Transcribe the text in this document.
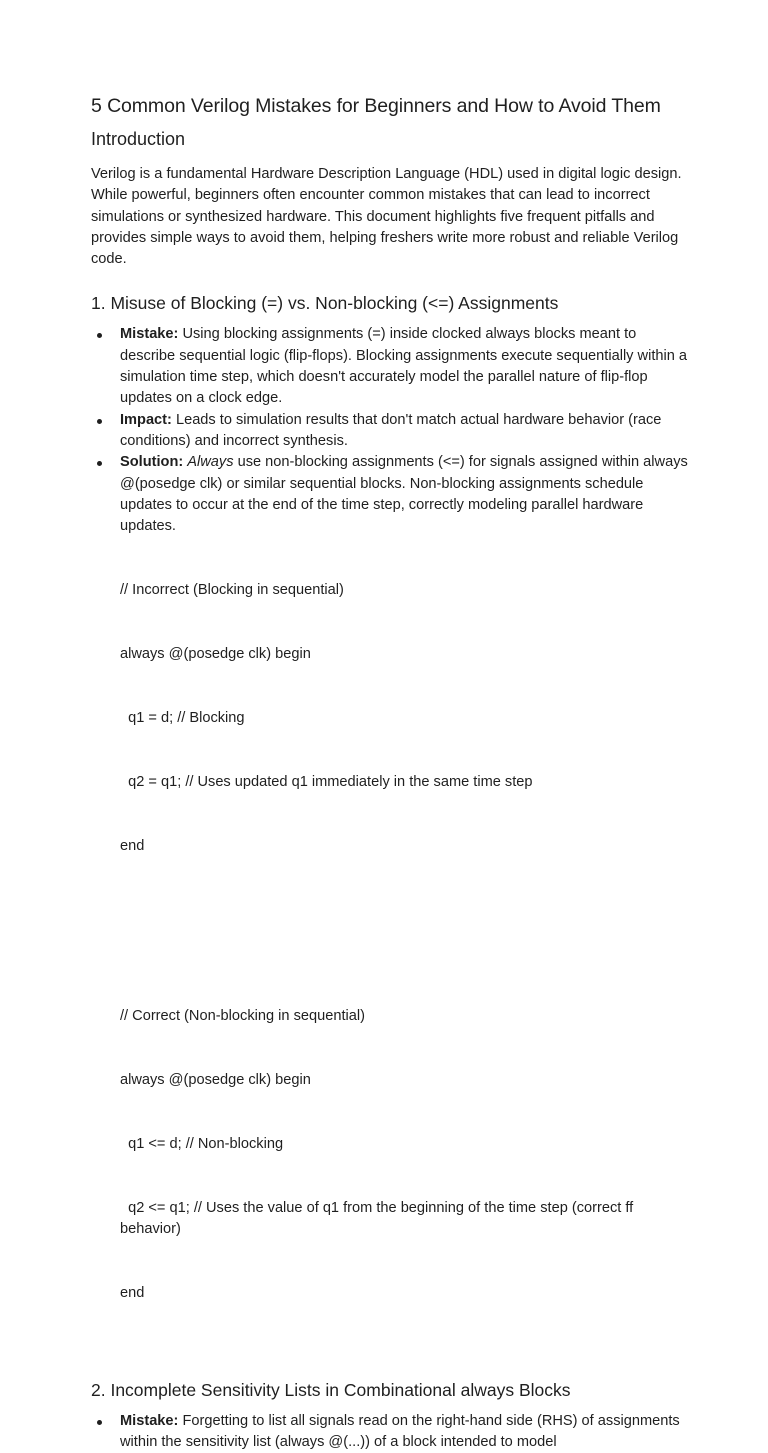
5 Common Verilog Mistakes for Beginners and How to Avoid Them
Introduction

Verilog is a fundamental Hardware Description Language (HDL) used in digital logic design. While powerful, beginners often encounter common mistakes that can lead to incorrect simulations or synthesized hardware. This document highlights five frequent pitfalls and provides simple ways to avoid them, helping freshers write more robust and reliable Verilog code.

1. Misuse of Blocking (=) vs. Non-blocking (<=) Assignments
Mistake: Using blocking assignments (=) inside clocked always blocks meant to describe sequential logic (flip-flops). Blocking assignments execute sequentially within a simulation time step, which doesn't accurately model the parallel nature of flip-flop updates on a clock edge.
Impact: Leads to simulation results that don't match actual hardware behavior (race conditions) and incorrect synthesis.
Solution: Always use non-blocking assignments (<=) for signals assigned within always @(posedge clk) or similar sequential blocks. Non-blocking assignments schedule updates to occur at the end of the time step, correctly modeling parallel hardware updates.

// Incorrect (Blocking in sequential)

always @(posedge clk) begin

q1 = d; // Blocking

q2 = q1; // Uses updated q1 immediately in the same time step

end

// Correct (Non-blocking in sequential)

always @(posedge clk) begin

q1 <= d; // Non-blocking

q2 <= q1; // Uses the value of q1 from the beginning of the time step (correct ff behavior)

end

2. Incomplete Sensitivity Lists in Combinational always Blocks
Mistake: Forgetting to list all signals read on the right-hand side (RHS) of assignments within the sensitivity list (always @(...)) of a block intended to model
